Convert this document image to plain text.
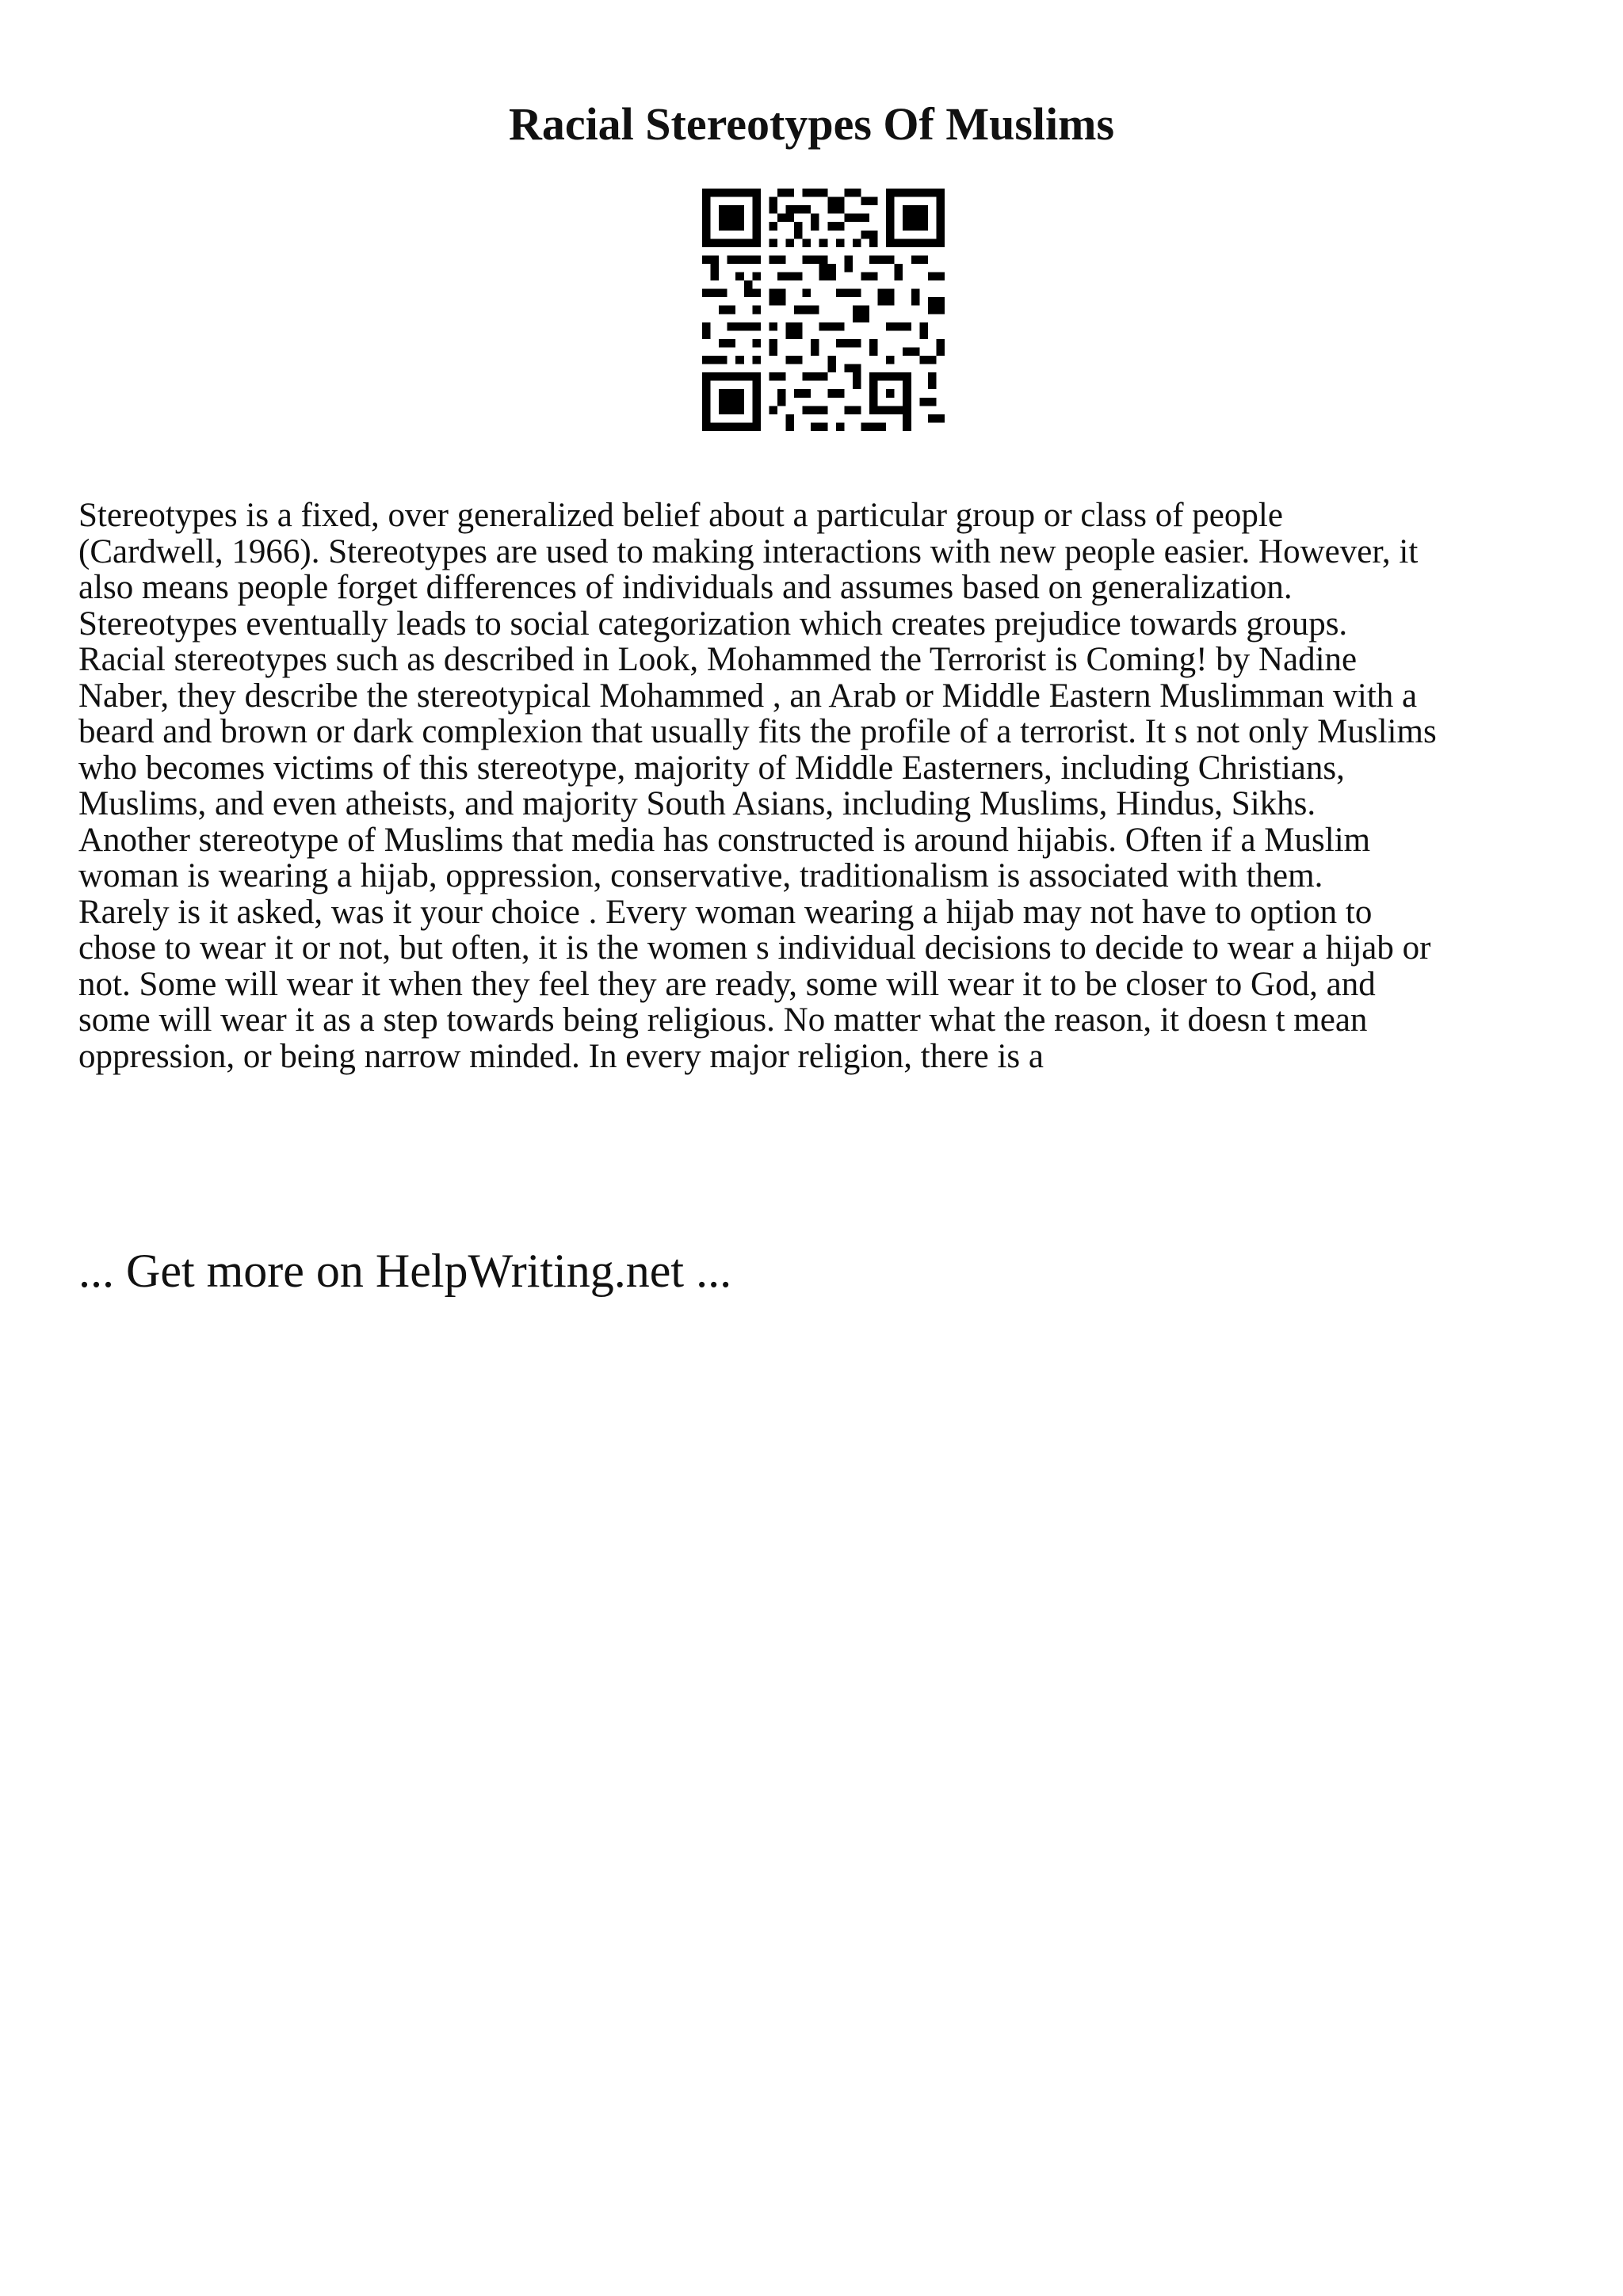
Racial Stereotypes Of Muslims
Stereotypes is a fixed, over generalized belief about a particular group or class of people
(Cardwell, 1966). Stereotypes are used to making interactions with new people easier. However, it
also means people forget differences of individuals and assumes based on generalization.
Stereotypes eventually leads to social categorization which creates prejudice towards groups.
Racial stereotypes such as described in Look, Mohammed the Terrorist is Coming! by Nadine
Naber, they describe the stereotypical Mohammed , an Arab or Middle Eastern Muslimman with a
beard and brown or dark complexion that usually fits the profile of a terrorist. It s not only Muslims
who becomes victims of this stereotype, majority of Middle Easterners, including Christians,
Muslims, and even atheists, and majority South Asians, including Muslims, Hindus, Sikhs.
Another stereotype of Muslims that media has constructed is around hijabis. Often if a Muslim
woman is wearing a hijab, oppression, conservative, traditionalism is associated with them.
Rarely is it asked, was it your choice . Every woman wearing a hijab may not have to option to
chose to wear it or not, but often, it is the women s individual decisions to decide to wear a hijab or
not. Some will wear it when they feel they are ready, some will wear it to be closer to God, and
some will wear it as a step towards being religious. No matter what the reason, it doesn t mean
oppression, or being narrow minded. In every major religion, there is a
... Get more on HelpWriting.net ...
